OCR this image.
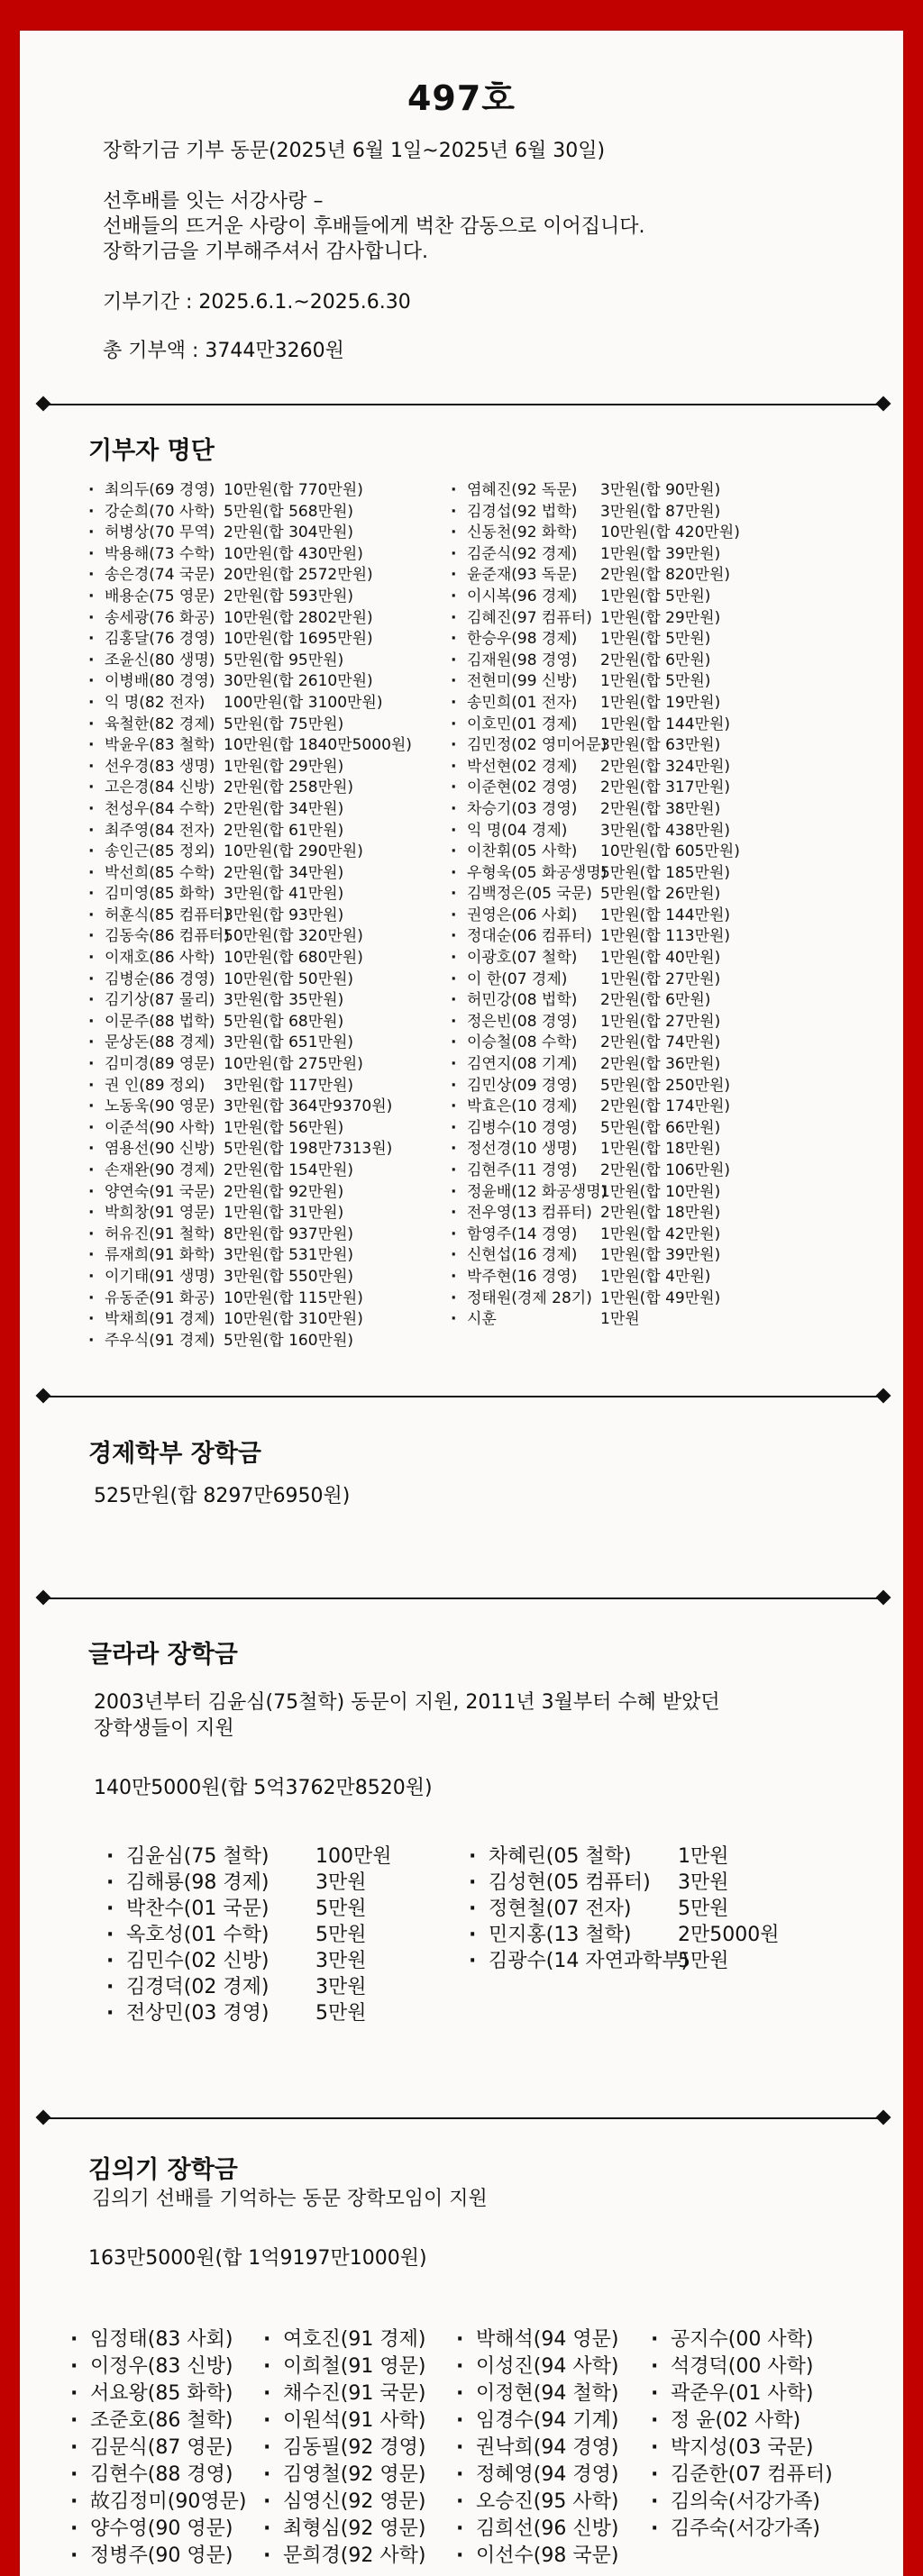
497호
장학기금 기부 동문(2025년 6월 1일~2025년 6월 30일)
선후배를 잇는 서강사랑 –
선배들의 뜨거운 사랑이 후배들에게 벅찬 감동으로 이어집니다.
장학기금을 기부해주셔서 감사합니다.
기부기간 : 2025.6.1.~2025.6.30
총 기부액 : 3744만3260원
기부자 명단
· 최의두(69 경영) 10만원(합 770만원)
· 강순희(70 사학) 5만원(합 568만원)
· 허병상(70 무역) 2만원(합 304만원)
· 박용해(73 수학) 10만원(합 430만원)
· 송은경(74 국문) 20만원(합 2572만원)
· 배용순(75 영문) 2만원(합 593만원)
· 송세광(76 화공) 10만원(합 2802만원)
· 김홍달(76 경영) 10만원(합 1695만원)
· 조윤신(80 생명) 5만원(합 95만원)
· 이병배(80 경영) 30만원(합 2610만원)
· 익 명(82 전자) 100만원(합 3100만원)
· 육철한(82 경제) 5만원(합 75만원)
· 박윤우(83 철학) 10만원(합 1840만5000원)
· 선우경(83 생명) 1만원(합 29만원)
· 고은경(84 신방) 2만원(합 258만원)
· 천성우(84 수학) 2만원(합 34만원)
· 최주영(84 전자) 2만원(합 61만원)
· 송인근(85 정외) 10만원(합 290만원)
· 박선희(85 수학) 2만원(합 34만원)
· 김미영(85 화학) 3만원(합 41만원)
· 허훈식(85 컴퓨터)3만원(합 93만원)
· 김동숙(86 컴퓨터)50만원(합 320만원)
· 이재호(86 사학) 10만원(합 680만원)
· 김병순(86 경영) 10만원(합 50만원)
· 김기상(87 물리) 3만원(합 35만원)
· 이문주(88 법학) 5만원(합 68만원)
· 문상돈(88 경제) 3만원(합 651만원)
· 김미경(89 영문) 10만원(합 275만원)
· 권 인(89 정외) 3만원(합 117만원)
· 노동욱(90 영문) 3만원(합 364만9370원)
· 이준석(90 사학) 1만원(합 56만원)
· 염용선(90 신방) 5만원(합 198만7313원)
· 손재완(90 경제) 2만원(합 154만원)
· 양연숙(91 국문) 2만원(합 92만원)
· 박희창(91 영문) 1만원(합 31만원)
· 허유진(91 철학) 8만원(합 937만원)
· 류재희(91 화학) 3만원(합 531만원)
· 이기태(91 생명) 3만원(합 550만원)
· 유동준(91 화공) 10만원(합 115만원)
· 박채희(91 경제) 10만원(합 310만원)
· 주우식(91 경제) 5만원(합 160만원)
· 염혜진(92 독문) 3만원(합 90만원)
· 김경섭(92 법학) 3만원(합 87만원)
· 신동천(92 화학) 10만원(합 420만원)
· 김준식(92 경제) 1만원(합 39만원)
· 윤준재(93 독문) 2만원(합 820만원)
· 이시복(96 경제) 1만원(합 5만원)
· 김혜진(97 컴퓨터) 1만원(합 29만원)
· 한승우(98 경제) 1만원(합 5만원)
· 김재원(98 경영) 2만원(합 6만원)
· 전현미(99 신방) 1만원(합 5만원)
· 송민희(01 전자) 1만원(합 19만원)
· 이호민(01 경제) 1만원(합 144만원)
· 김민정(02 영미어문)3만원(합 63만원)
· 박선현(02 경제) 2만원(합 324만원)
· 이준현(02 경영) 2만원(합 317만원)
· 차승기(03 경영) 2만원(합 38만원)
· 익 명(04 경제) 3만원(합 438만원)
· 이찬휘(05 사학) 10만원(합 605만원)
· 우형욱(05 화공생명)5만원(합 185만원)
· 김백정은(05 국문) 5만원(합 26만원)
· 권영은(06 사회) 1만원(합 144만원)
· 정대순(06 컴퓨터) 1만원(합 113만원)
· 이광호(07 철학) 1만원(합 40만원)
· 이 한(07 경제) 1만원(합 27만원)
· 허민강(08 법학) 2만원(합 6만원)
· 정은빈(08 경영) 1만원(합 27만원)
· 이승철(08 수학) 2만원(합 74만원)
· 김연지(08 기계) 2만원(합 36만원)
· 김민상(09 경영) 5만원(합 250만원)
· 박효은(10 경제) 2만원(합 174만원)
· 김병수(10 경영) 5만원(합 66만원)
· 정선경(10 생명) 1만원(합 18만원)
· 김현주(11 경영) 2만원(합 106만원)
· 정윤배(12 화공생명)1만원(합 10만원)
· 전우영(13 컴퓨터) 2만원(합 18만원)
· 함영주(14 경영) 1만원(합 42만원)
· 신현섭(16 경제) 1만원(합 39만원)
· 박주현(16 경영) 1만원(합 4만원)
· 정태원(경제 28기) 1만원(합 49만원)
· 시훈	1만원
경제학부 장학금
525만원(합 8297만6950원)
글라라 장학금
2003년부터 김윤심(75철학) 동문이 지원, 2011년 3월부터 수혜 받았던
장학생들이 지원
140만5000원(합 5억3762만8520원)
· 김윤심(75 철학) 100만원
· 김해룡(98 경제) 3만원
· 박찬수(01 국문) 5만원
· 옥호성(01 수학) 5만원
· 김민수(02 신방) 3만원
· 김경덕(02 경제) 3만원
· 전상민(03 경영) 5만원
· 차혜린(05 철학) 1만원
· 김성현(05 컴퓨터) 3만원
· 정현철(07 전자) 5만원
· 민지홍(13 철학) 2만5000원
· 김광수(14 자연과학부)5만원
김의기 장학금
김의기 선배를 기억하는 동문 장학모임이 지원
163만5000원(합 1억9197만1000원)
· 임정태(83 사회)
· 이정우(83 신방)
· 서요왕(85 화학)
· 조준호(86 철학)
· 김문식(87 영문)
· 김현수(88 경영)
· 故김정미(90영문)
· 양수영(90 영문)
· 정병주(90 영문)
· 여호진(91 경제)
· 이희철(91 영문)
· 채수진(91 국문)
· 이원석(91 사학)
· 김동필(92 경영)
· 김영철(92 영문)
· 심영신(92 영문)
· 최형심(92 영문)
· 문희경(92 사학)
· 박해석(94 영문)
· 이성진(94 사학)
· 이정현(94 철학)
· 임경수(94 기계)
· 권낙희(94 경영)
· 정혜영(94 경영)
· 오승진(95 사학)
· 김희선(96 신방)
· 이선수(98 국문)
· 공지수(00 사학)
· 석경덕(00 사학)
· 곽준우(01 사학)
· 정 윤(02 사학)
· 박지성(03 국문)
· 김준한(07 컴퓨터)
· 김의숙(서강가족)
· 김주숙(서강가족)
